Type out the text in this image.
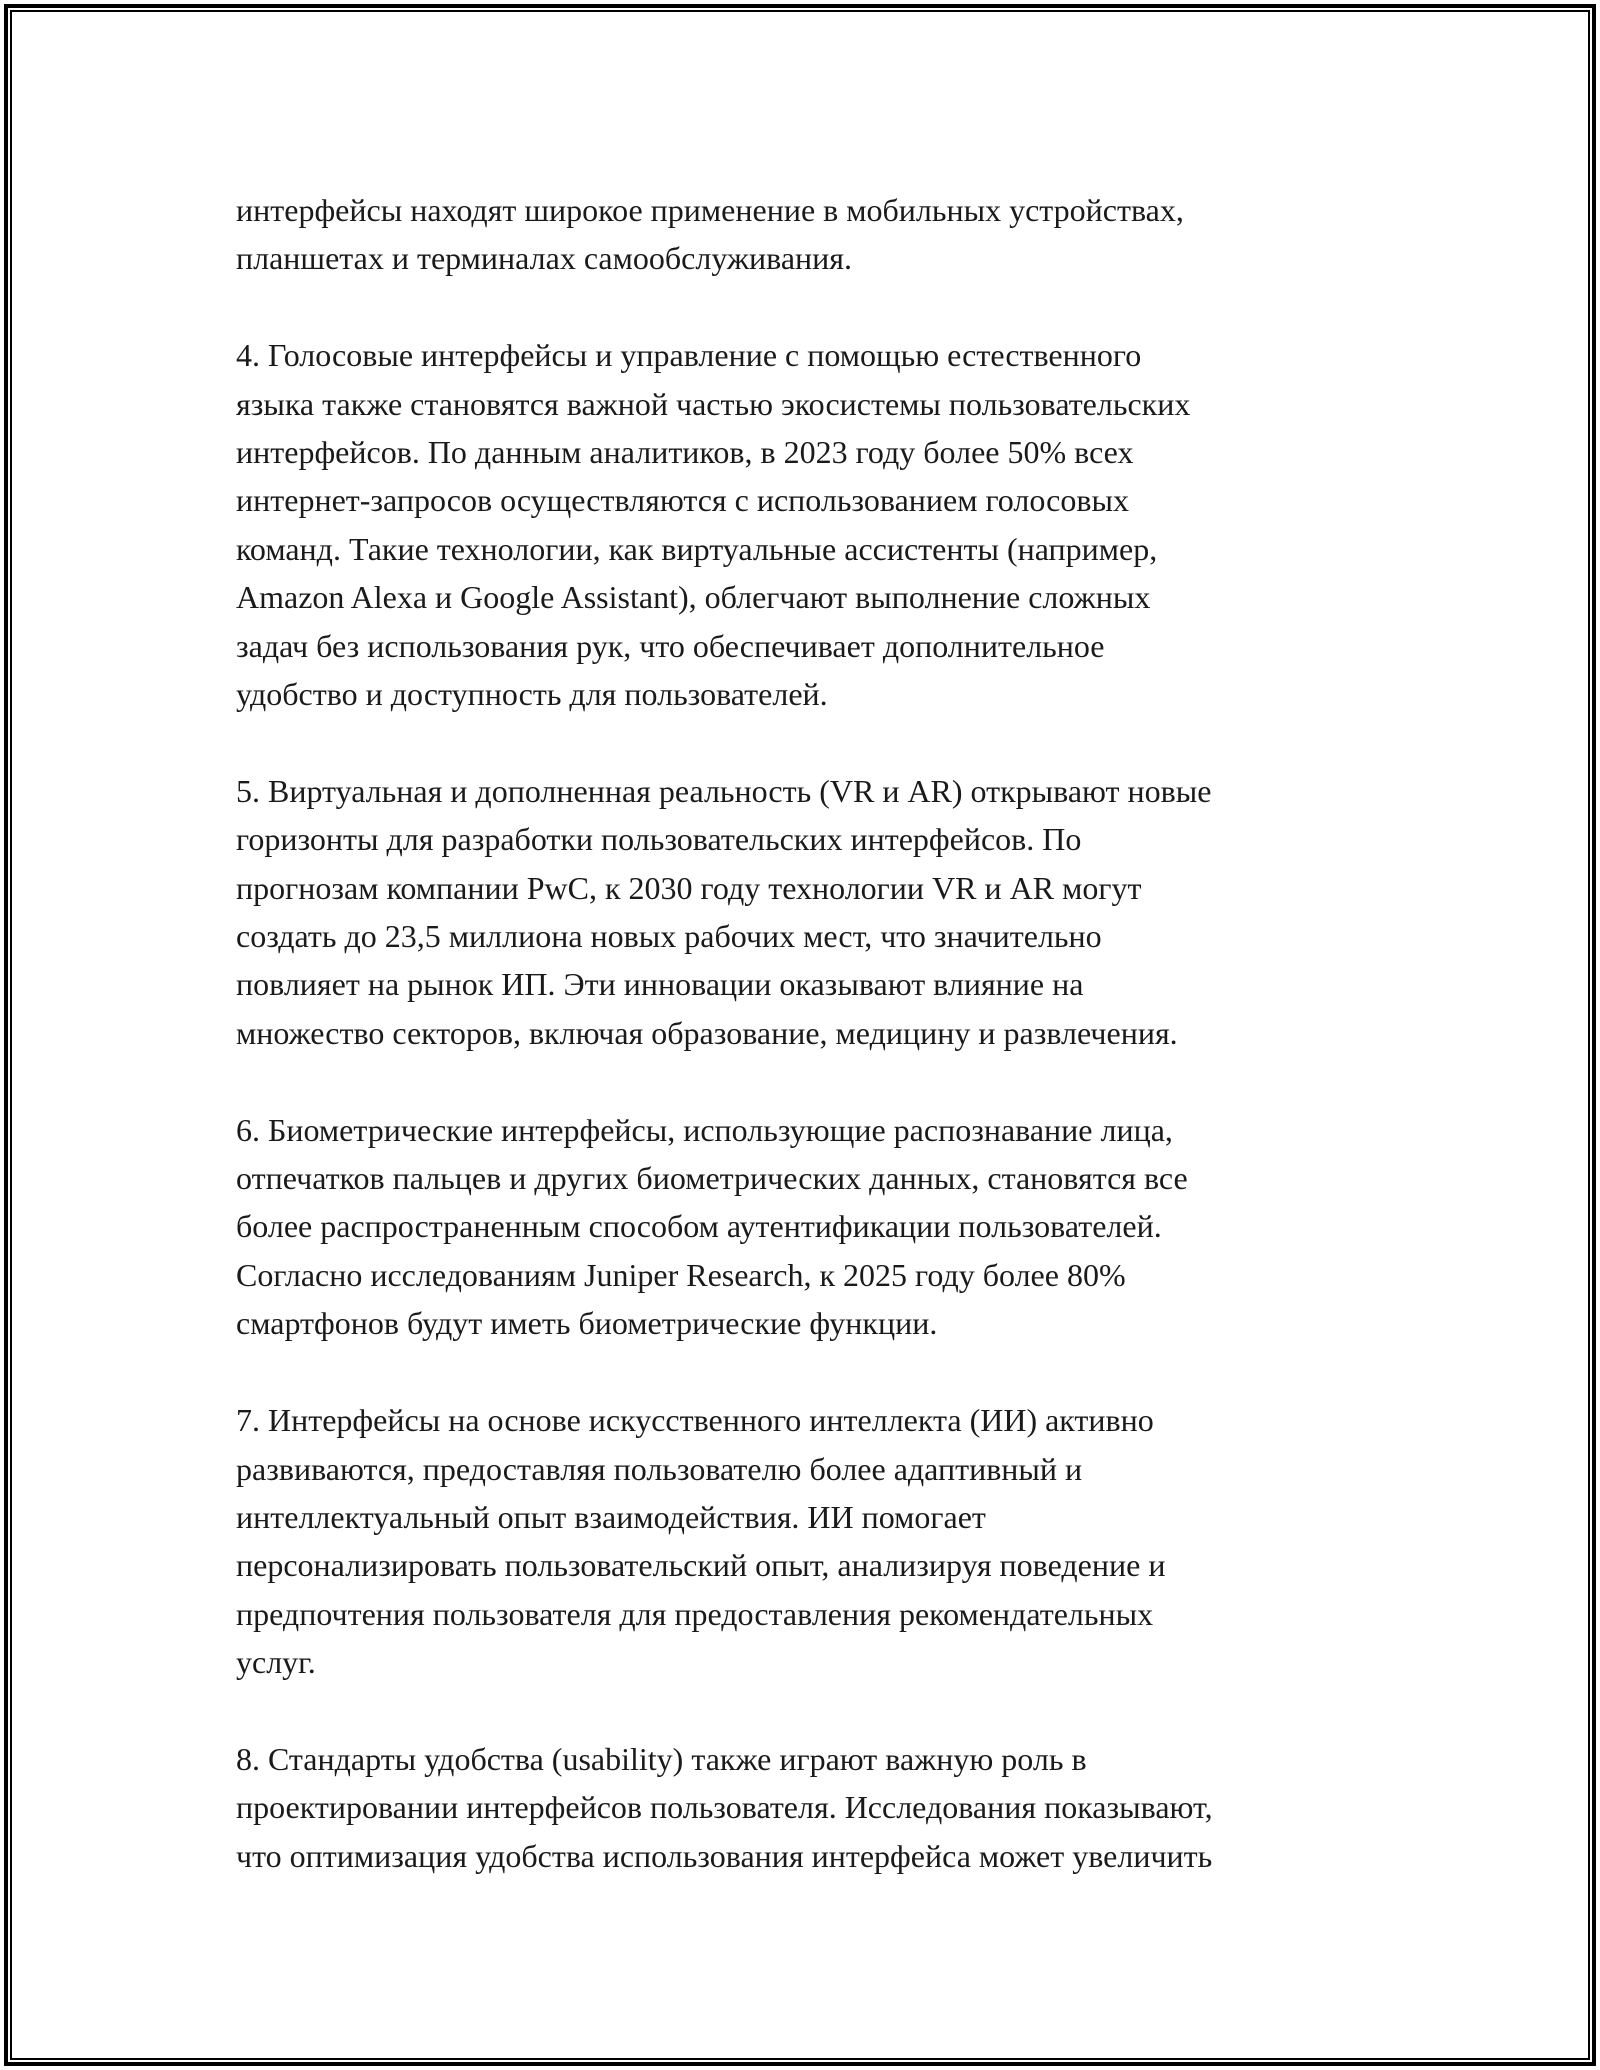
интерфейсы находят широкое применение в мобильных устройствах,
планшетах и терминалах самообслуживания.

4. Голосовые интерфейсы и управление с помощью естественного
языка также становятся важной частью экосистемы пользовательских
интерфейсов. По данным аналитиков, в 2023 году более 50% всех
интернет-запросов осуществляются с использованием голосовых
команд. Такие технологии, как виртуальные ассистенты (например,
Amazon Alexa и Google Assistant), облегчают выполнение сложных
задач без использования рук, что обеспечивает дополнительное
удобство и доступность для пользователей.

5. Виртуальная и дополненная реальность (VR и AR) открывают новые
горизонты для разработки пользовательских интерфейсов. По
прогнозам компании PwC, к 2030 году технологии VR и AR могут
создать до 23,5 миллиона новых рабочих мест, что значительно
повлияет на рынок ИП. Эти инновации оказывают влияние на
множество секторов, включая образование, медицину и развлечения.

6. Биометрические интерфейсы, использующие распознавание лица,
отпечатков пальцев и других биометрических данных, становятся все
более распространенным способом аутентификации пользователей.
Согласно исследованиям Juniper Research, к 2025 году более 80%
смартфонов будут иметь биометрические функции.

7. Интерфейсы на основе искусственного интеллекта (ИИ) активно
развиваются, предоставляя пользователю более адаптивный и
интеллектуальный опыт взаимодействия. ИИ помогает
персонализировать пользовательский опыт, анализируя поведение и
предпочтения пользователя для предоставления рекомендательных
услуг.

8. Стандарты удобства (usability) также играют важную роль в
проектировании интерфейсов пользователя. Исследования показывают,
что оптимизация удобства использования интерфейса может увеличить
